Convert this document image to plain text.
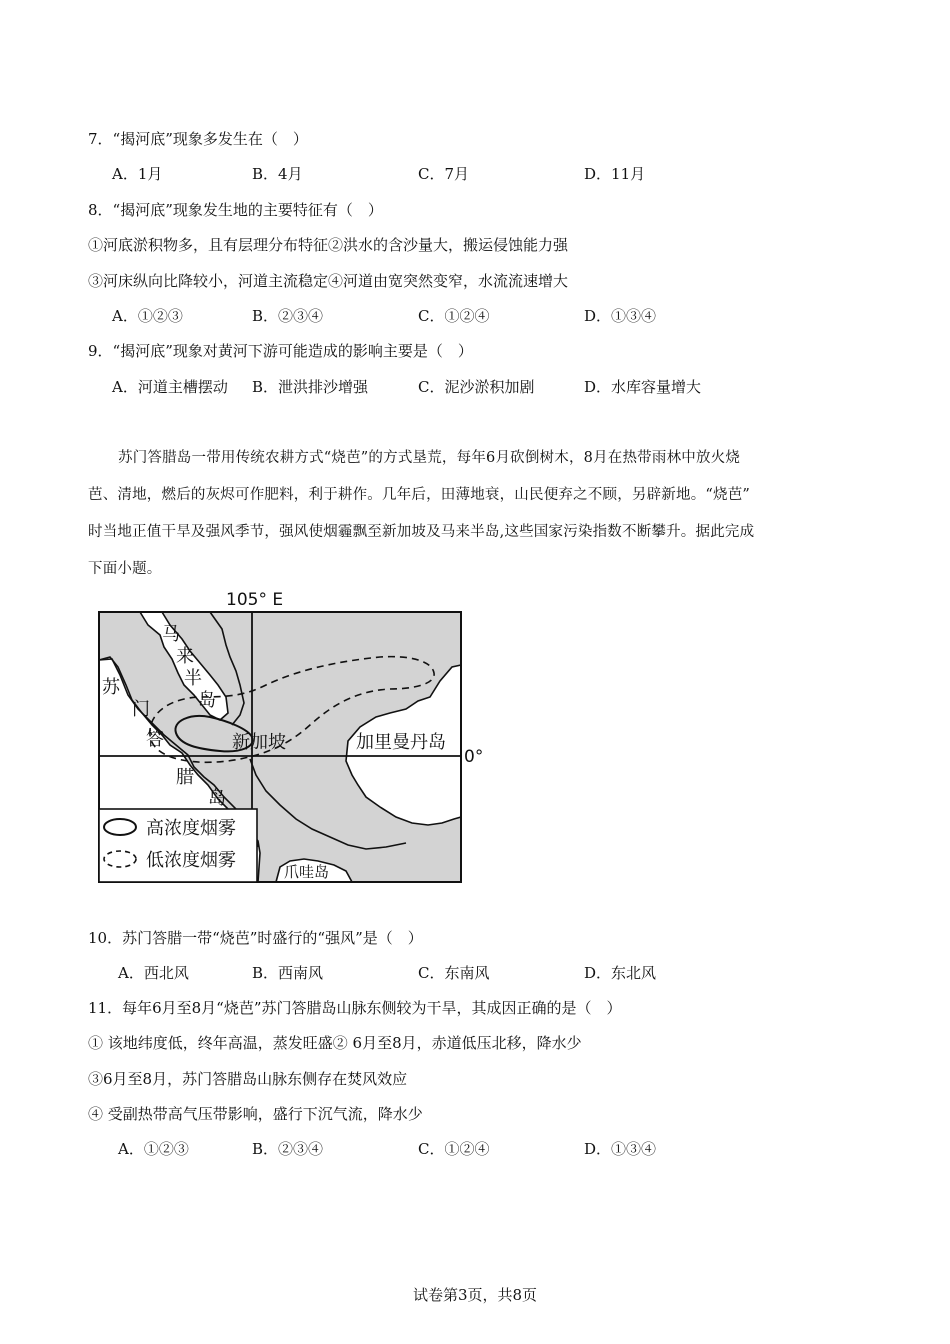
7．“揭河底”现象多发生在（　）
A．1月	B．4月	C．7月	D．11月
8．“揭河底”现象发生地的主要特征有（　）
①河底淤积物多，且有层理分布特征②洪水的含沙量大，搬运侵蚀能力强
③河床纵向比降较小，河道主流稳定④河道由宽突然变窄，水流流速增大
A．①②③	B．②③④	C．①②④	D．①③④
9．“揭河底”现象对黄河下游可能造成的影响主要是（　）
A．河道主槽摆动 B．泄洪排沙增强	C．泥沙淤积加剧	D．水库容量增大
苏门答腊岛一带用传统农耕方式“烧芭”的方式垦荒，每年6月砍倒树木，8月在热带雨林中放火烧
芭、清地，燃后的灰烬可作肥料，利于耕作。几年后，田薄地衰，山民便弃之不顾，另辟新地。“烧芭”
时当地正值干旱及强风季节，强风使烟霾飘至新加坡及马来半岛,这些国家污染指数不断攀升。据此完成
下面小题。
高浓度烟雾
低浓度烟雾
105° E
0°
马
来
半
岛
苏
门
答
腊
岛
新加坡	加里曼丹岛
爪哇岛
10．苏门答腊一带“烧芭”时盛行的“强风”是（　）
A．西北风	B．西南风	C．东南风	D．东北风
11．每年6月至8月“烧芭”苏门答腊岛山脉东侧较为干旱，其成因正确的是（　）
① 该地纬度低，终年高温，蒸发旺盛② 6月至8月，赤道低压北移，降水少
③6月至8月，苏门答腊岛山脉东侧存在焚风效应
④ 受副热带高气压带影响，盛行下沉气流，降水少
A．①②③	B．②③④	C．①②④	D．①③④
试卷第3页，共8页
